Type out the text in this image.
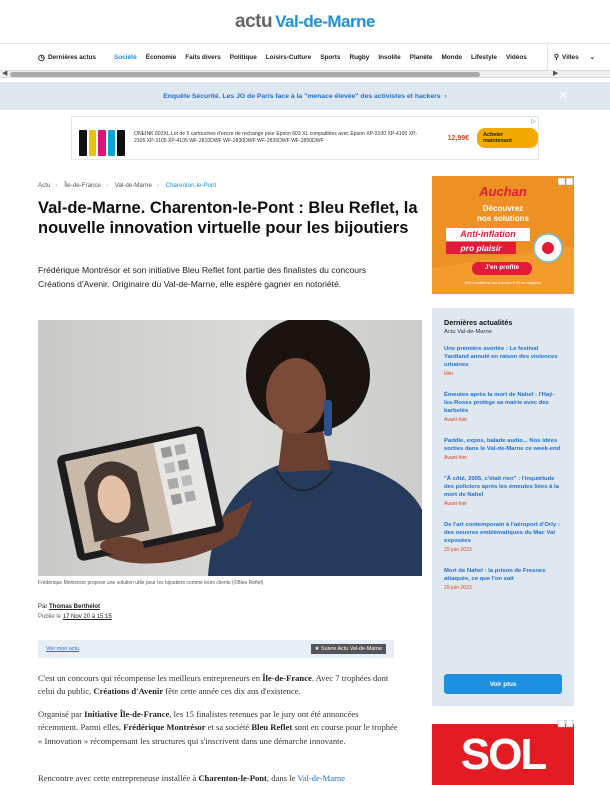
actu Val-de-Marne
◷ Dernières actus	Société Économie Faits divers Politique Loisirs-Culture Sports Rugby Insolite Planète Monde Lifestyle Vidéos	⚲ Villes ⌄
◀	▶
Enquête Sécurité. Les JO de Paris face à la "menace élevée" des activistes et hackers ›	✕
ONEINK 603XL Lot de 5 cartouches d'encre de rechange pour Epson 603 XL compatibles avec Epson XP-3100 XP-4100 XP-2105 XP-3105 XP-4105 WF-2810DWF WF-2830DWF WF-2835DWF WF-2850DWF	12,99€	Acheter maintenant
▷
Actu › Île-de-France › Val-de-Marne › Charenton-le-Pont
Val-de-Marne. Charenton-le-Pont : Bleu Reflet, la nouvelle innovation virtuelle pour les bijoutiers

Frédérique Montrésor et son initiative Bleu Reflet font partie des finalistes du concours Créations d'Avenir. Originaire du Val-de-Marne, elle espère gagner en notoriété.

Frédérique Montrésor propose une solution utile pour les bijoutiers comme leurs clients (©Bleu Reflet)
Par Thomas Berthelot
Publié le 17 Nov 20 à 15:15
Voir mon actu	★ Suivre Actu Val-de-Marne

C'est un concours qui récompense les meilleurs entrepreneurs en Île-de-France. Avec 7 trophées dont celui du public, Créations d'Avenir fête cette année ces dix ans d'existence.

Organisé par Initiative Île-de-France, les 15 finalistes retenues par le jury ont été annoncées récemment. Parmi elles, Frédérique Montrésor et sa société Bleu Reflet sont en course pour le trophée « Innovation » récompensant les structures qui s'inscrivent dans une démarche innovante.

Rencontre avec cette entrepreneuse installée à Charenton-le-Pont, dans le Val-de-Marne

Auchan
Découvrez
nos solutions
Anti-inflation
pro plaisir
J'en profite
Voir conditions sur Auchan.fr et en magasin
Dernières actualités
Actu Val-de-Marne
Une première avortée : Le festival Yardland annulé en raison des violences urbaines
Hier
Émeutes après la mort de Nahel : l'Haÿ-les-Roses protège sa mairie avec des barbelés
Avant-hier
Paddle, expos, balade audio... Nos idées sorties dans le Val-de-Marne ce week-end
Avant-hier
"À côté, 2005, c'était rien" : l'inquiétude des policiers après les émeutes liées à la mort de Nahel
Avant-hier
De l'art contemporain à l'aéroport d'Orly : des oeuvres emblématiques du Mac Val exposées
29 juin 2023
Mort de Nahel : la prison de Fresnes attaquée, ce que l'on sait
29 juin 2023
Voir plus
SOL
